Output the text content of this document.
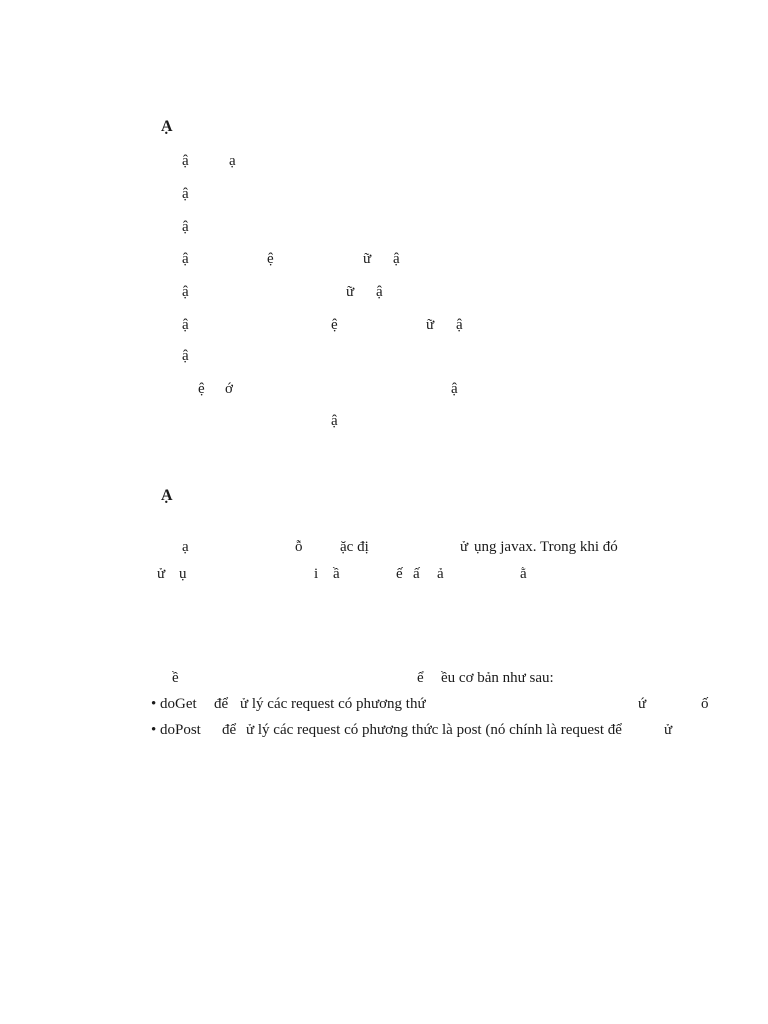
Ạ
ậ	ạ
ậ
ậ
ậ	ệ	ữ ậ
ậ	ữ ậ
ậ	ệ	ữ ậ
ậ
ệ ớ	ậ
ậ
Ạ
ạ	ỗ	ặc đị	ử ụng javax. Trong khi đó
ử ụ	i ầ	ế ấ ả	ằ
ề	ể ều cơ bản như sau:
• doGet để ử lý các request có phương thứ	ứ	ố
• doPost để ử lý các request có phương thức là post (nó chính là request để	ử
